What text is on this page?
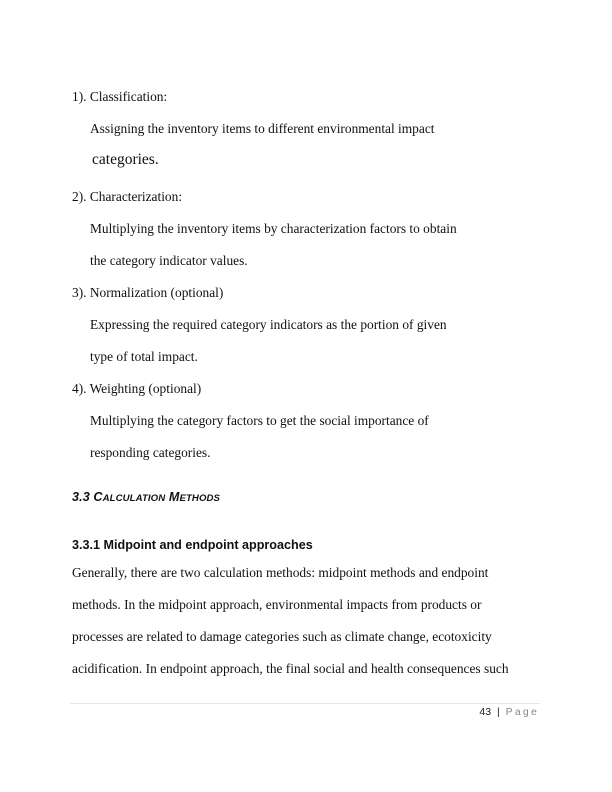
1). Classification:
Assigning the inventory items to different environmental impact
categories.
2). Characterization:
Multiplying the inventory items by characterization factors to obtain
the category indicator values.
3). Normalization (optional)
Expressing the required category indicators as the portion of given
type of total impact.
4). Weighting (optional)
Multiplying the category factors to get the social importance of
responding categories.
3.3 CALCULATION METHODS
3.3.1 Midpoint and endpoint approaches
Generally, there are two calculation methods: midpoint methods and endpoint
methods. In the midpoint approach, environmental impacts from products or
processes are related to damage categories such as climate change, ecotoxicity
acidification. In endpoint approach, the final social and health consequences such
43 | Page
